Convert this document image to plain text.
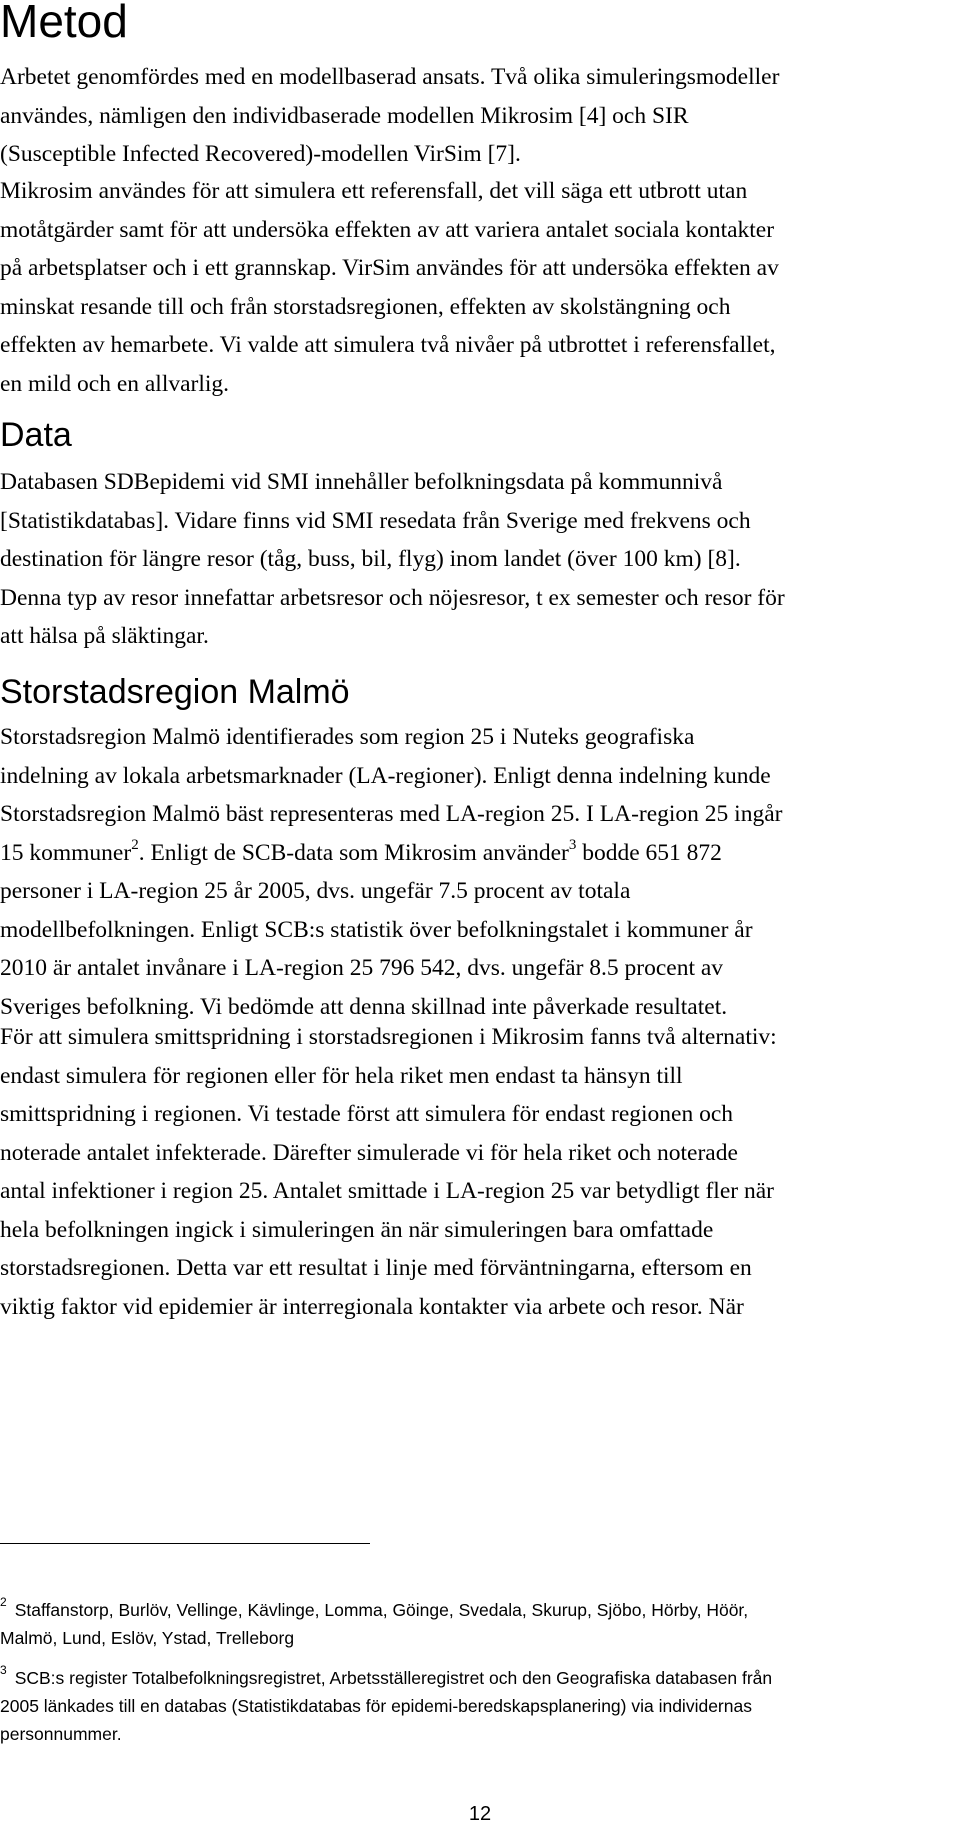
Metod

Arbetet genomfördes med en modellbaserad ansats. Två olika simuleringsmodeller
användes, nämligen den individbaserade modellen Mikrosim [4] och SIR
(Susceptible Infected Recovered)-modellen VirSim [7].

Mikrosim användes för att simulera ett referensfall, det vill säga ett utbrott utan
motåtgärder samt för att undersöka effekten av att variera antalet sociala kontakter
på arbetsplatser och i ett grannskap. VirSim användes för att undersöka effekten av
minskat resande till och från storstadsregionen, effekten av skolstängning och
effekten av hemarbete. Vi valde att simulera två nivåer på utbrottet i referensfallet,
en mild och en allvarlig.

Data

Databasen SDBepidemi vid SMI innehåller befolkningsdata på kommunnivå
[Statistikdatabas]. Vidare finns vid SMI resedata från Sverige med frekvens och
destination för längre resor (tåg, buss, bil, flyg) inom landet (över 100 km) [8].
Denna typ av resor innefattar arbetsresor och nöjesresor, t ex semester och resor för
att hälsa på släktingar.

Storstadsregion Malmö

Storstadsregion Malmö identifierades som region 25 i Nuteks geografiska
indelning av lokala arbetsmarknader (LA-regioner). Enligt denna indelning kunde
Storstadsregion Malmö bäst representeras med LA-region 25. I LA-region 25 ingår
15 kommuner$^2$. Enligt de SCB-data som Mikrosim använder$^3$ bodde 651 872
personer i LA-region 25 år 2005, dvs. ungefär 7.5 procent av totala
modellbefolkningen. Enligt SCB:s statistik över befolkningstalet i kommuner år
2010 är antalet invånare i LA-region 25 796 542, dvs. ungefär 8.5 procent av
Sveriges befolkning. Vi bedömde att denna skillnad inte påverkade resultatet.

För att simulera smittspridning i storstadsregionen i Mikrosim fanns två alternativ:
endast simulera för regionen eller för hela riket men endast ta hänsyn till
smittspridning i regionen. Vi testade först att simulera för endast regionen och
noterade antalet infekterade. Därefter simulerade vi för hela riket och noterade
antal infektioner i region 25. Antalet smittade i LA-region 25 var betydligt fler när
hela befolkningen ingick i simuleringen än när simuleringen bara omfattade
storstadsregionen. Detta var ett resultat i linje med förväntningarna, eftersom en
viktig faktor vid epidemier är interregionala kontakter via arbete och resor. När

$^2$ Staffanstorp, Burlöv, Vellinge, Kävlinge, Lomma, Göinge, Svedala, Skurup, Sjöbo, Hörby, Höör,
Malmö, Lund, Eslöv, Ystad, Trelleborg

$^3$ SCB:s register Totalbefolkningsregistret, Arbetsställeregistret och den Geografiska databasen från
2005 länkades till en databas (Statistikdatabas för epidemi-beredskapsplanering) via individernas
personnummer.

12
